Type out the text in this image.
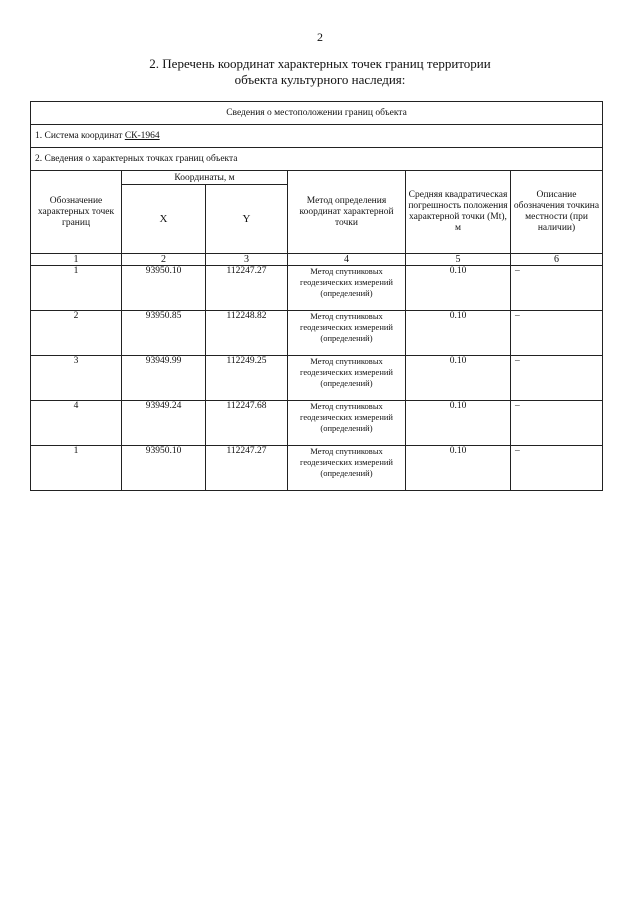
2
2. Перечень координат характерных точек границ территории
объекта культурного наследия:
Сведения о местоположении границ объекта					
1. Система координат СК-1964					
2. Сведения о характерных точках границ объекта					
Обозначение характерных точек границ	Координаты, м		Метод определения координат характерной точки	Средняя квадратическая погрешность положения характерной точки (Mt), м	Описание обозначения точкина местности (при наличии)
	X	Y			
1	2	3	4	5	6
1	93950.10	112247.27	Метод спутниковых геодезических измерений (определений)	0.10	–
2	93950.85	112248.82	Метод спутниковых геодезических измерений (определений)	0.10	–
3	93949.99	112249.25	Метод спутниковых геодезических измерений (определений)	0.10	–
4	93949.24	112247.68	Метод спутниковых геодезических измерений (определений)	0.10	–
1	93950.10	112247.27	Метод спутниковых геодезических измерений (определений)	0.10	–
